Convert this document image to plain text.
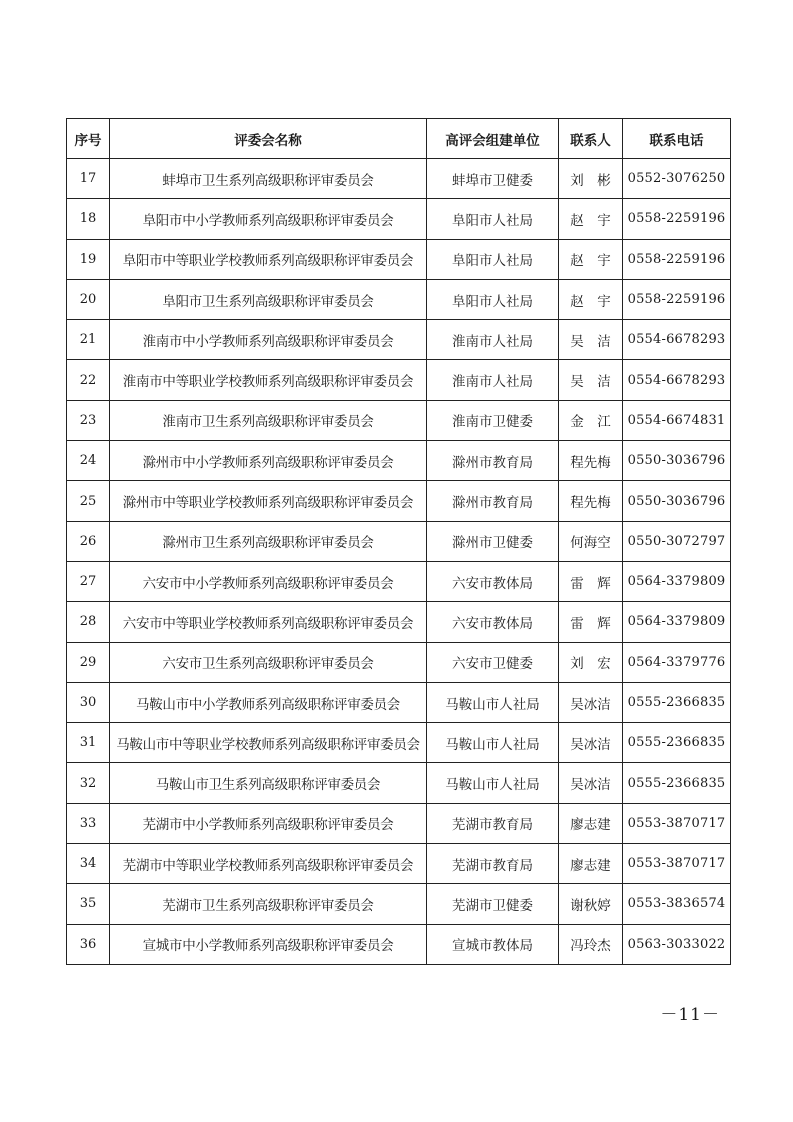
序号	评委会名称	高评会组建单位	联系人	联系电话
17	蚌埠市卫生系列高级职称评审委员会	蚌埠市卫健委	刘　彬	0552-3076250
18	阜阳市中小学教师系列高级职称评审委员会	阜阳市人社局	赵　宇	0558-2259196
19	阜阳市中等职业学校教师系列高级职称评审委员会	阜阳市人社局	赵　宇	0558-2259196
20	阜阳市卫生系列高级职称评审委员会	阜阳市人社局	赵　宇	0558-2259196
21	淮南市中小学教师系列高级职称评审委员会	淮南市人社局	吴　洁	0554-6678293
22	淮南市中等职业学校教师系列高级职称评审委员会	淮南市人社局	吴　洁	0554-6678293
23	淮南市卫生系列高级职称评审委员会	淮南市卫健委	金　江	0554-6674831
24	滁州市中小学教师系列高级职称评审委员会	滁州市教育局	程先梅	0550-3036796
25	滁州市中等职业学校教师系列高级职称评审委员会	滁州市教育局	程先梅	0550-3036796
26	滁州市卫生系列高级职称评审委员会	滁州市卫健委	何海空	0550-3072797
27	六安市中小学教师系列高级职称评审委员会	六安市教体局	雷　辉	0564-3379809
28	六安市中等职业学校教师系列高级职称评审委员会	六安市教体局	雷　辉	0564-3379809
29	六安市卫生系列高级职称评审委员会	六安市卫健委	刘　宏	0564-3379776
30	马鞍山市中小学教师系列高级职称评审委员会	马鞍山市人社局	吴冰洁	0555-2366835
31	马鞍山市中等职业学校教师系列高级职称评审委员会	马鞍山市人社局	吴冰洁	0555-2366835
32	马鞍山市卫生系列高级职称评审委员会	马鞍山市人社局	吴冰洁	0555-2366835
33	芜湖市中小学教师系列高级职称评审委员会	芜湖市教育局	廖志建	0553-3870717
34	芜湖市中等职业学校教师系列高级职称评审委员会	芜湖市教育局	廖志建	0553-3870717
35	芜湖市卫生系列高级职称评审委员会	芜湖市卫健委	谢秋婷	0553-3836574
36	宣城市中小学教师系列高级职称评审委员会	宣城市教体局	冯玲杰	0563-3033022
－11－
